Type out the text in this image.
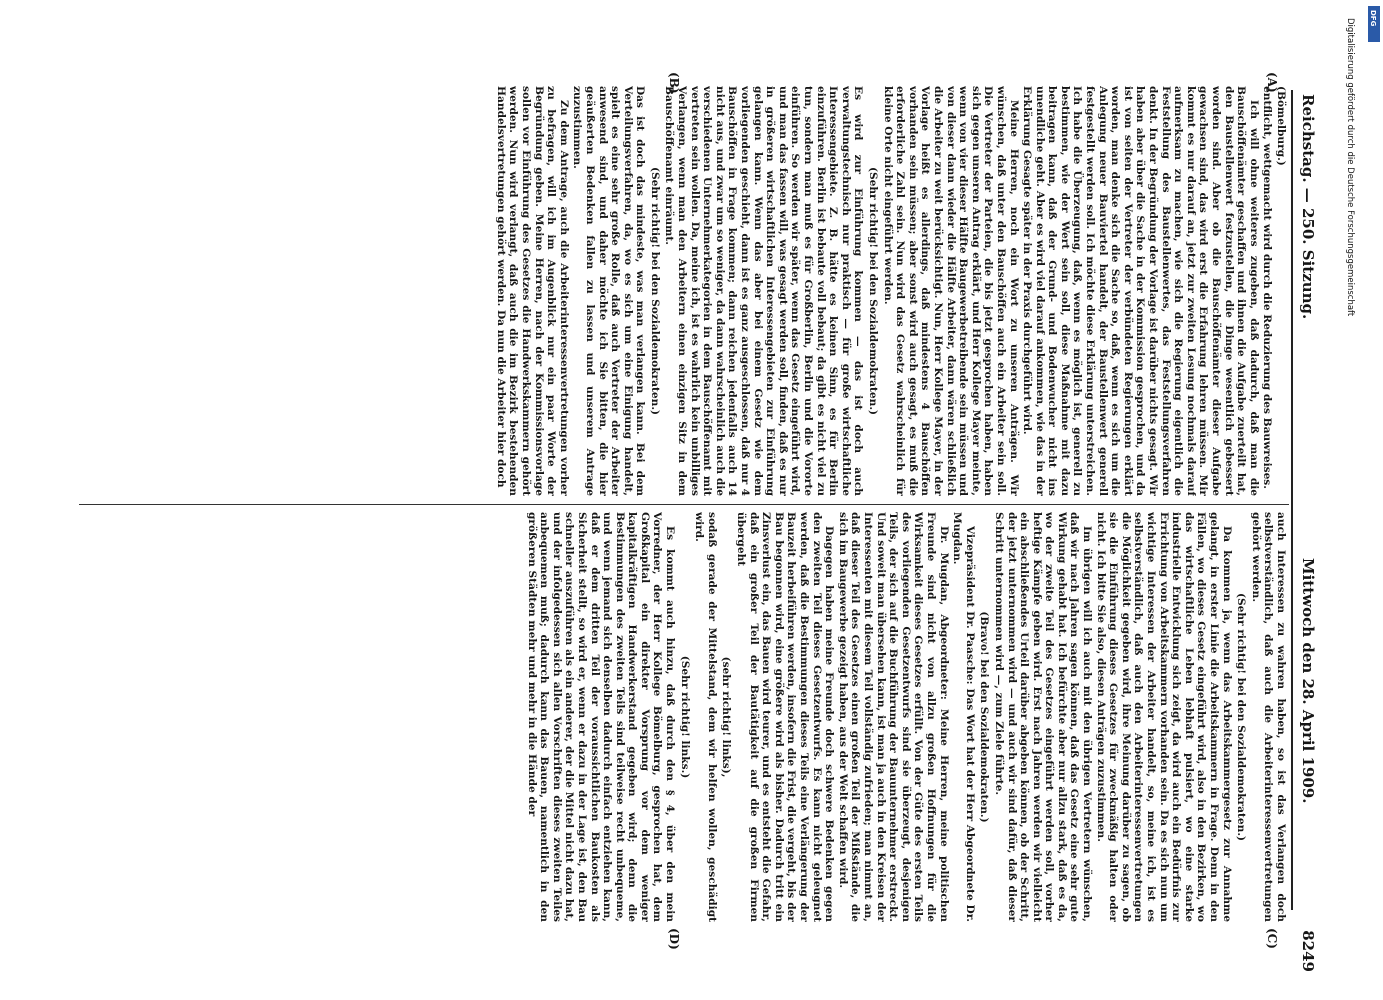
Reichstag. — 250. Sitzung.
Mittwoch den 28. April 1909.
8249
(A)
(B)
(C)
(D)

(Bömelburg.)

entflicht, wettgemacht wird durch die Reduzierung des Bauwreises.

Ich will ohne weiteres zugeben, daß dadurch, daß man die Bauschöffenämter geschaffen und ihnen die Aufgabe zuerteilt hat, den Baustellenwert festzustellen, die Dinge wesentlich gebessert worden sind. Aber ob die Bauschöffenämter dieser Aufgabe gewachsen sind, das wird erst die Erfahrung lehren müssen. Mir kommt es nur darauf an, jetzt zur zweiten Lesung nochmals darauf aufmerksam zu machen, wie sich die Regierung eigentlich die Feststellung des Baustellenwertes, das Feststellungsverfahren denkt. In der Begründung der Vorlage ist darüber nichts gesagt. Wir haben aber über die Sache in der Kommission gesprochen, und da ist von seiten der Vertreter der verbündeten Regierungen erklärt worden, man denke sich die Sache so, daß, wenn es sich um die Anlegung neuer Bauviertel handelt, der Baustellenwert generell festgestellt werden soll. Ich möchte diese Erklärung unterstreichen. Ich habe die Überzeugung, daß, wenn es möglich ist, generell zu bestimmen, wie der Wert sein soll, diese Maßnahme mit dazu beitragen kann, daß der Grund- und Bodenwucher nicht ins unendliche geht. Aber es wird viel darauf ankommen, wie das in der Erklärung Gesagte später in der Praxis durchgeführt wird.

Meine Herren, noch ein Wort zu unseren Anträgen. Wir wünschen, daß unter den Bauschöffen auch ein Arbeiter sein soll. Die Vertreter der Parteien, die bis jetzt gesprochen haben, haben sich gegen unseren Antrag erklärt, und Herr Kollege Mayer meinte, wenn von vier dieser Hälfte Baugewerbetreibende sein müssen und von dieser dann wieder die Hälfte Arbeiter, dann wären schließlich die Arbeiter zu weit berücksichtigt. Nun, Herr Kollege Mayer, in der Vorlage heißt es allerdings, daß mindestens 4 Bauschöffen vorhanden sein müssen; aber sonst wird auch gesagt, es muß die erforderliche Zahl sein. Nun wird das Gesetz wahrscheinlich für kleine Orte nicht eingeführt werden.

(Sehr richtig! bei den Sozialdemokraten.)

Es wird zur Einführung kommen — das ist doch auch verwaltungstechnisch nur praktisch — für große wirtschaftliche Interessengebiete. Z. B. hätte es keinen Sinn, es für Berlin einzuführen. Berlin ist bebaute voll bebaut; da gibt es nicht viel zu tun, sondern man muß es für Großberlin, Berlin und die Vororte einführen. So werden wir später, wenn das Gesetz eingeführt wird, und man das fassen will, was gesagt werden soll, finden, daß es nur in größeren wirtschaftlichen Interessengebieten zur Einführung gelangen kann. Wenn das aber bei einem Gesetz wie dem vorliegenden geschieht, dann ist es ganz ausgeschlossen, daß nur 4 Bauschöffen in Frage kommen; dann reichen jedenfalls auch 14 nicht aus, und zwar um so weniger, da dann wahrscheinlich auch die verschiedenen Unternehmerkategorien in dem Bauschöffenamt mit vertreten sein wollen. Da, meine ich, ist es wahrlich kein unbilliges Verlangen, wenn man den Arbeitern einen einzigen Sitz in dem Bauschöffenamt einräumt.

(Sehr richtig! bei den Sozialdemokraten.)

Das ist doch das mindeste, was man verlangen kann. Bei dem Verteilungsverfahren, da, wo es sich um eine Einigung handelt, spielt es eine sehr große Rolle, daß auch Vertreter der Arbeiter anwesend sind, und daher möchte ich Sie bitten, die hier geäußerten Bedenken fallen zu lassen und unserem Antrage zuzustimmen.

Zu dem Antrage, auch die Arbeiterinteressenvertretungen vorher zu befragen, will ich im Augenblick nur ein paar Worte der Begründung geben. Meine Herren, nach der Kommissionsvorlage sollen vor Einführung des Gesetzes die Handwerkskammern gehört werden. Nun wird verlangt, daß auch die im Bezirk bestehenden Handelsvertretungen gehört werden. Da nun die Arbeiter hier doch

auch Interessen zu wahren haben, so ist das Verlangen doch selbstverständlich, daß auch die Arbeiterinteressenvertretungen gehört werden.

(Sehr richtig! bei den Sozialdemokraten.)

Da kommen ja, wenn das Arbeitskammergesetz zur Annahme gelangt, in erster Linie die Arbeitskammern in Frage. Denn in den Fällen, wo dieses Gesetz eingeführt wird, also in den Bezirken, wo das wirtschaftliche Leben lebhaft pulsiert, wo eine starke industrielle Entwicklung sich zeigt, da wird auch ein Bedürfnis zur Errichtung von Arbeitskammern vorhanden sein. Da es sich nun um wichtige Interessen der Arbeiter handelt, so, meine ich, ist es selbstverständlich, daß auch den Arbeiterinteressenvertretungen die Möglichkeit gegeben wird, ihre Meinung darüber zu sagen, ob sie die Einführung dieses Gesetzes für zweckmäßig halten oder nicht. Ich bitte Sie also, diesen Anträgen zuzustimmen.

Im übrigen will ich auch mit den übrigen Vertretern wünschen, daß wir nach Jahren sagen können, daß das Gesetz eine sehr gute Wirkung gehabt hat. Ich befürchte aber nur allzu stark, daß es da, wo der zweite Teil des Gesetzes eingeführt werden soll, vorher heftige Kämpfe geben wird. Erst nach Jahren werden wir vielleicht ein abschließendes Urteil darüber abgeben können, ob der Schritt, der jetzt unternommen wird — und auch wir sind dafür, daß dieser Schritt unternommen wird —, zum Ziele führte.

(Bravo! bei den Sozialdemokraten.)

Vizepräsident Dr. Paasche: Das Wort hat der Herr Abgeordnete Dr. Mugdan.

Dr. Mugdan, Abgeordneter: Meine Herren, meine politischen Freunde sind nicht von allzu großen Hoffnungen für die Wirksamkeit dieses Gesetzes erfüllt. Von der Güte des ersten Teils des vorliegenden Gesetzentwurfs sind sie überzeugt, desjenigen Teils, der sich auf die Buchführung der Bauunternehmer erstreckt. Und soweit man übersehen kann, ist man ja auch in den Kreisen der Interessenten mit diesem Teil vollständig zufrieden; man nimmt an, daß dieser Teil des Gesetzes einen großen Teil der Mißstände, die sich im Baugewerbe gezeigt haben, aus der Welt schaffen wird.

Dagegen haben meine Freunde doch schwere Bedenken gegen den zweiten Teil dieses Gesetzentwurfs. Es kann nicht geleugnet werden, daß die Bestimmungen dieses Teils eine Verlängerung der Bauzeit herbeiführen werden, insofern die Frist, die vergeht, bis der Bau begonnen wird, eine größere wird als bisher. Dadurch tritt ein Zinsverlust ein, das Bauen wird teurer, und es entsteht die Gefahr, daß ein großer Teil der Bautätigkeit auf die großen Firmen übergeht

(sehr richtig! links),

sodaß gerade der Mittelstand, dem wir helfen wollen, geschädigt wird.

(Sehr richtig! links.)

Es kommt auch hinzu, daß durch den § 4, über den mein Vorredner, der Herr Kollege Bömelburg, gesprochen hat, dem Großkapital ein direkter Vorsprung vor dem weniger kapitalkräftigen Handwerkerstand gegeben wird; denn die Bestimmungen des zweiten Teils sind teilweise recht unbequeme, und wenn jemand sich denselben dadurch einfach entziehen kann, daß er dem dritten Teil der voraussichtlichen Baukosten als Sicherheit stellt, so wird er, wenn er dazu in der Lage ist, den Bau schneller auszuführen als ein anderer, der die Mittel nicht dazu hat, und der infolgedessen sich allen Vorschriften dieses zweiten Teiles anbequemen muß; dadurch kann das Bauen, namentlich in den größeren Städten mehr und mehr in die Hände der

DFG
Digitalisierung gefördert durch die Deutsche Forschungsgemeinschaft
